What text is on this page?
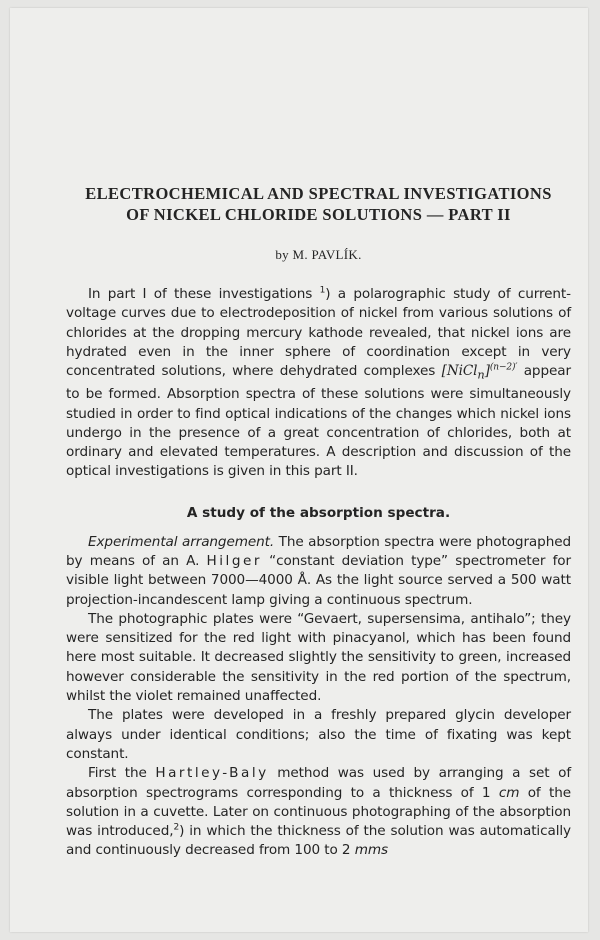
ELECTROCHEMICAL AND SPECTRAL INVESTIGATIONS
OF NICKEL CHLORIDE SOLUTIONS — PART II
by M. PAVLÍK.

In part I of these investigations $^1$) a polarographic study of current-voltage curves due to electrodeposition of nickel from various solutions of chlorides at the dropping mercury kathode revealed, that nickel ions are hydrated even in the inner sphere of coordination except in very concentrated solutions, where dehydrated complexes [NiCl$_n$]$^{(n-2)'}$ appear to be formed. Absorption spectra of these solutions were simultaneously studied in order to find optical indications of the changes which nickel ions undergo in the presence of a great concentration of chlorides, both at ordinary and elevated temperatures. A description and discussion of the optical investigations is given in this part II.

A study of the absorption spectra.

Experimental arrangement. The absorption spectra were photographed by means of an A. Hilger “constant deviation type” spectrometer for visible light between 7000—4000 Å. As the light source served a 500 watt projection-incandescent lamp giving a continuous spectrum.

The photographic plates were “Gevaert, supersensima, antihalo”; they were sensitized for the red light with pinacyanol, which has been found here most suitable. It decreased slightly the sensitivity to green, increased however considerable the sensitivity in the red portion of the spectrum, whilst the violet remained unaffected.

The plates were developed in a freshly prepared glycin developer always under identical conditions; also the time of fixating was kept constant.

First the Hartley-Baly method was used by arranging a set of absorption spectrograms corresponding to a thickness of 1 cm of the solution in a cuvette. Later on continuous photographing of the absorption was introduced,$^2$) in which the thickness of the solution was automatically and continuously decreased from 100 to 2 mms
